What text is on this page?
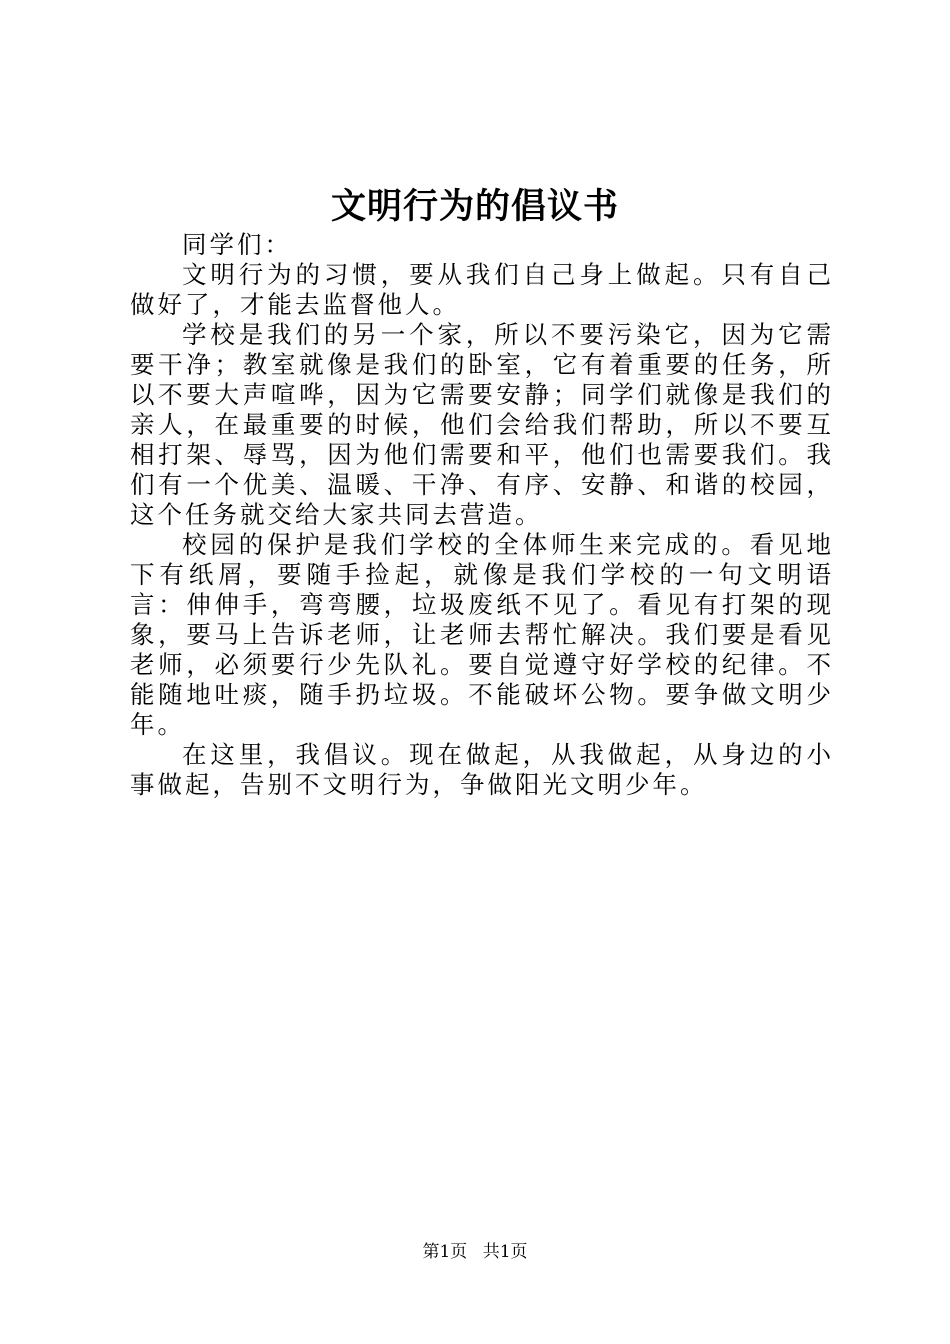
文明行为的倡议书

同学们：

文明行为的习惯，要从我们自己身上做起。只有自己做好了，才能去监督他人。

学校是我们的另一个家，所以不要污染它，因为它需要干净；教室就像是我们的卧室，它有着重要的任务，所以不要大声喧哗，因为它需要安静；同学们就像是我们的亲人，在最重要的时候，他们会给我们帮助，所以不要互相打架、辱骂，因为他们需要和平，他们也需要我们。我们有一个优美、温暖、干净、有序、安静、和谐的校园，这个任务就交给大家共同去营造。

校园的保护是我们学校的全体师生来完成的。看见地下有纸屑，要随手捡起，就像是我们学校的一句文明语言：伸伸手，弯弯腰，垃圾废纸不见了。看见有打架的现象，要马上告诉老师，让老师去帮忙解决。我们要是看见老师，必须要行少先队礼。要自觉遵守好学校的纪律。不能随地吐痰，随手扔垃圾。不能破坏公物。要争做文明少年。

在这里，我倡议。现在做起，从我做起，从身边的小事做起，告别不文明行为，争做阳光文明少年。

第1页 共1页
